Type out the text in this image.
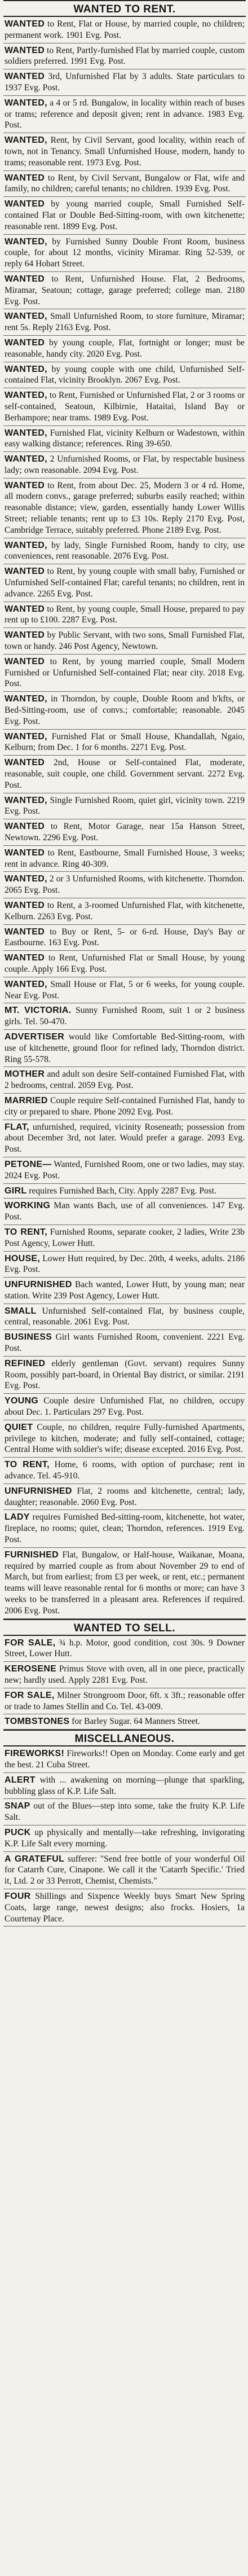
WANTED TO RENT.
WANTED to Rent, Flat or House, by married couple, no children; permanent work. 1901 Evg. Post.
WANTED to Rent, Partly-furnished Flat by married couple, custom soldiers preferred. 1991 Evg. Post.
WANTED 3rd, Unfurnished Flat by 3 adults. State particulars to 1937 Evg. Post.
WANTED, a 4 or 5 rd. Bungalow, in locality within reach of buses or trams; reference and deposit given; rent in advance. 1983 Evg. Post.
WANTED, Rent, by Civil Servant, good locality, within reach of town, not in Tenancy. Small Unfurnished House, modern, handy to trams; reasonable rent. 1973 Evg. Post.
WANTED to Rent, by Civil Servant, Bungalow or Flat, wife and family, no children; careful tenants; no children. 1939 Evg. Post.
WANTED by young married couple, Small Furnished Self-contained Flat or Double Bed-Sitting-room, with own kitchenette; reasonable rent. 1899 Evg. Post.
WANTED, by Furnished Sunny Double Front Room, business couple, for about 12 months, vicinity Miramar. Ring 52-539, or reply 64 Hobart Street.
WANTED to Rent, Unfurnished House. Flat, 2 Bedrooms, Miramar, Seatoun; cottage, garage preferred; college man. 2180 Evg. Post.
WANTED, Small Unfurnished Room, to store furniture, Miramar; rent 5s. Reply 2163 Evg. Post.
WANTED by young couple, Flat, fortnight or longer; must be reasonable, handy city. 2020 Evg. Post.
WANTED, by young couple with one child, Unfurnished Self-contained Flat, vicinity Brooklyn. 2067 Evg. Post.
WANTED, to Rent, Furnished or Unfurnished Flat, 2 or 3 rooms or self-contained, Seatoun, Kilbirnie, Hataitai, Island Bay or Berhampore; near trams. 1989 Evg. Post.
WANTED, Furnished Flat, vicinity Kelburn or Wadestown, within easy walking distance; references. Ring 39-650.
WANTED, 2 Unfurnished Rooms, or Flat, by respectable business lady; own reasonable. 2094 Evg. Post.
WANTED to Rent, from about Dec. 25, Modern 3 or 4 rd. Home, all modern convs., garage preferred; suburbs easily reached; within reasonable distance; view, garden, essentially handy Lower Willis Street; reliable tenants; rent up to £3 10s. Reply 2170 Evg. Post, Cambridge Terrace, suitably preferred. Phone 2189 Evg. Post.
WANTED, by lady, Single Furnished Room, handy to city, use conveniences, rent reasonable. 2076 Evg. Post.
WANTED to Rent, by young couple with small baby, Furnished or Unfurnished Self-contained Flat; careful tenants; no children, rent in advance. 2265 Evg. Post.
WANTED to Rent, by young couple, Small House, prepared to pay rent up to £100. 2287 Evg. Post.
WANTED by Public Servant, with two sons, Small Furnished Flat, town or handy. 246 Post Agency, Newtown.
WANTED to Rent, by young married couple, Small Modern Furnished or Unfurnished Self-contained Flat; near city. 2018 Evg. Post.
WANTED, in Thorndon, by couple, Double Room and b'kfts, or Bed-Sitting-room, use of convs.; comfortable; reasonable. 2045 Evg. Post.
WANTED, Furnished Flat or Small House, Khandallah, Ngaio, Kelburn; from Dec. 1 for 6 months. 2271 Evg. Post.
WANTED 2nd, House or Self-contained Flat, moderate, reasonable, suit couple, one child. Government servant. 2272 Evg. Post.
WANTED, Single Furnished Room, quiet girl, vicinity town. 2219 Evg. Post.
WANTED to Rent, Motor Garage, near 15a Hanson Street, Newtown. 2296 Evg. Post.
WANTED to Rent, Eastbourne, Small Furnished House, 3 weeks; rent in advance. Ring 40-309.
WANTED, 2 or 3 Unfurnished Rooms, with kitchenette. Thorndon. 2065 Evg. Post.
WANTED to Rent, a 3-roomed Unfurnished Flat, with kitchenette, Kelburn. 2263 Evg. Post.
WANTED to Buy or Rent, 5- or 6-rd. House, Day's Bay or Eastbourne. 163 Evg. Post.
WANTED to Rent, Unfurnished Flat or Small House, by young couple. Apply 166 Evg. Post.
WANTED, Small House or Flat, 5 or 6 weeks, for young couple. Near Evg. Post.
MT. VICTORIA. Sunny Furnished Room, suit 1 or 2 business girls. Tel. 50-470.
ADVERTISER would like Comfortable Bed-Sitting-room, with use of kitchenette, ground floor for refined lady, Thorndon district. Ring 55-578.
MOTHER and adult son desire Self-contained Furnished Flat, with 2 bedrooms, central. 2059 Evg. Post.
MARRIED Couple require Self-contained Furnished Flat, handy to city or prepared to share. Phone 2092 Evg. Post.
FLAT, unfurnished, required, vicinity Roseneath; possession from about December 3rd, not later. Would prefer a garage. 2093 Evg. Post.
PETONE— Wanted, Furnished Room, one or two ladies, may stay. 2024 Evg. Post.
GIRL requires Furnished Bach, City. Apply 2287 Evg. Post.
WORKING Man wants Bach, use of all conveniences. 147 Evg. Post.
TO RENT, Furnished Rooms, separate cooker, 2 ladies, Write 23b Post Agency, Lower Hutt.
HOUSE, Lower Hutt required, by Dec. 20th, 4 weeks, adults. 2186 Evg. Post.
UNFURNISHED Bach wanted, Lower Hutt, by young man; near station. Write 239 Post Agency, Lower Hutt.
SMALL Unfurnished Self-contained Flat, by business couple, central, reasonable. 2061 Evg. Post.
BUSINESS Girl wants Furnished Room, convenient. 2221 Evg. Post.
REFINED elderly gentleman (Govt. servant) requires Sunny Room, possibly part-board, in Oriental Bay district, or similar. 2191 Evg. Post.
YOUNG Couple desire Unfurnished Flat, no children, occupy about Dec. 1. Particulars 297 Evg. Post.
QUIET Couple, no children, require Fully-furnished Apartments, privilege to kitchen, moderate; and fully self-contained, cottage; Central Home with soldier's wife; disease excepted. 2016 Evg. Post.
TO RENT, Home, 6 rooms, with option of purchase; rent in advance. Tel. 45-910.
UNFURNISHED Flat, 2 rooms and kitchenette, central; lady, daughter; reasonable. 2060 Evg. Post.
LADY requires Furnished Bed-sitting-room, kitchenette, hot water, fireplace, no rooms; quiet, clean; Thorndon, references. 1919 Evg. Post.
FURNISHED Flat, Bungalow, or Half-house, Waikanae, Moana, required by married couple as from about November 29 to end of March, but from earliest; from £3 per week, or rent, etc.; permanent teams will leave reasonable rental for 6 months or more; can have 3 weeks to be transferred in a pleasant area. References if required. 2006 Evg. Post.
WANTED TO SELL.
FOR SALE, ¾ h.p. Motor, good condition, cost 30s. 9 Downer Street, Lower Hutt.
KEROSENE Primus Stove with oven, all in one piece, practically new; hardly used. Apply 2281 Evg. Post.
FOR SALE, Milner Strongroom Door, 6ft. x 3ft.; reasonable offer or trade to James Stellin and Co. Tel. 43-009.
TOMBSTONES for Barley Sugar. 64 Manners Street.
MISCELLANEOUS.
FIREWORKS! Fireworks!! Open on Monday. Come early and get the best. 21 Cuba Street.
ALERT with ... awakening on morning—plunge that sparkling, bubbling glass of K.P. Life Salt.
SNAP out of the Blues—step into some, take the fruity K.P. Life Salt.
PUCK up physically and mentally—take refreshing, invigorating K.P. Life Salt every morning.
A GRATEFUL sufferer: "Send free bottle of your wonderful Oil for Catarrh Cure, Cinapone. We call it the 'Catarrh Specific.' Tried it, Ltd. 2 or 33 Perrott, Chemist, Chemists."
FOUR Shillings and Sixpence Weekly buys Smart New Spring Coats, large range, newest designs; also frocks. Hosiers, 1a Courtenay Place.
